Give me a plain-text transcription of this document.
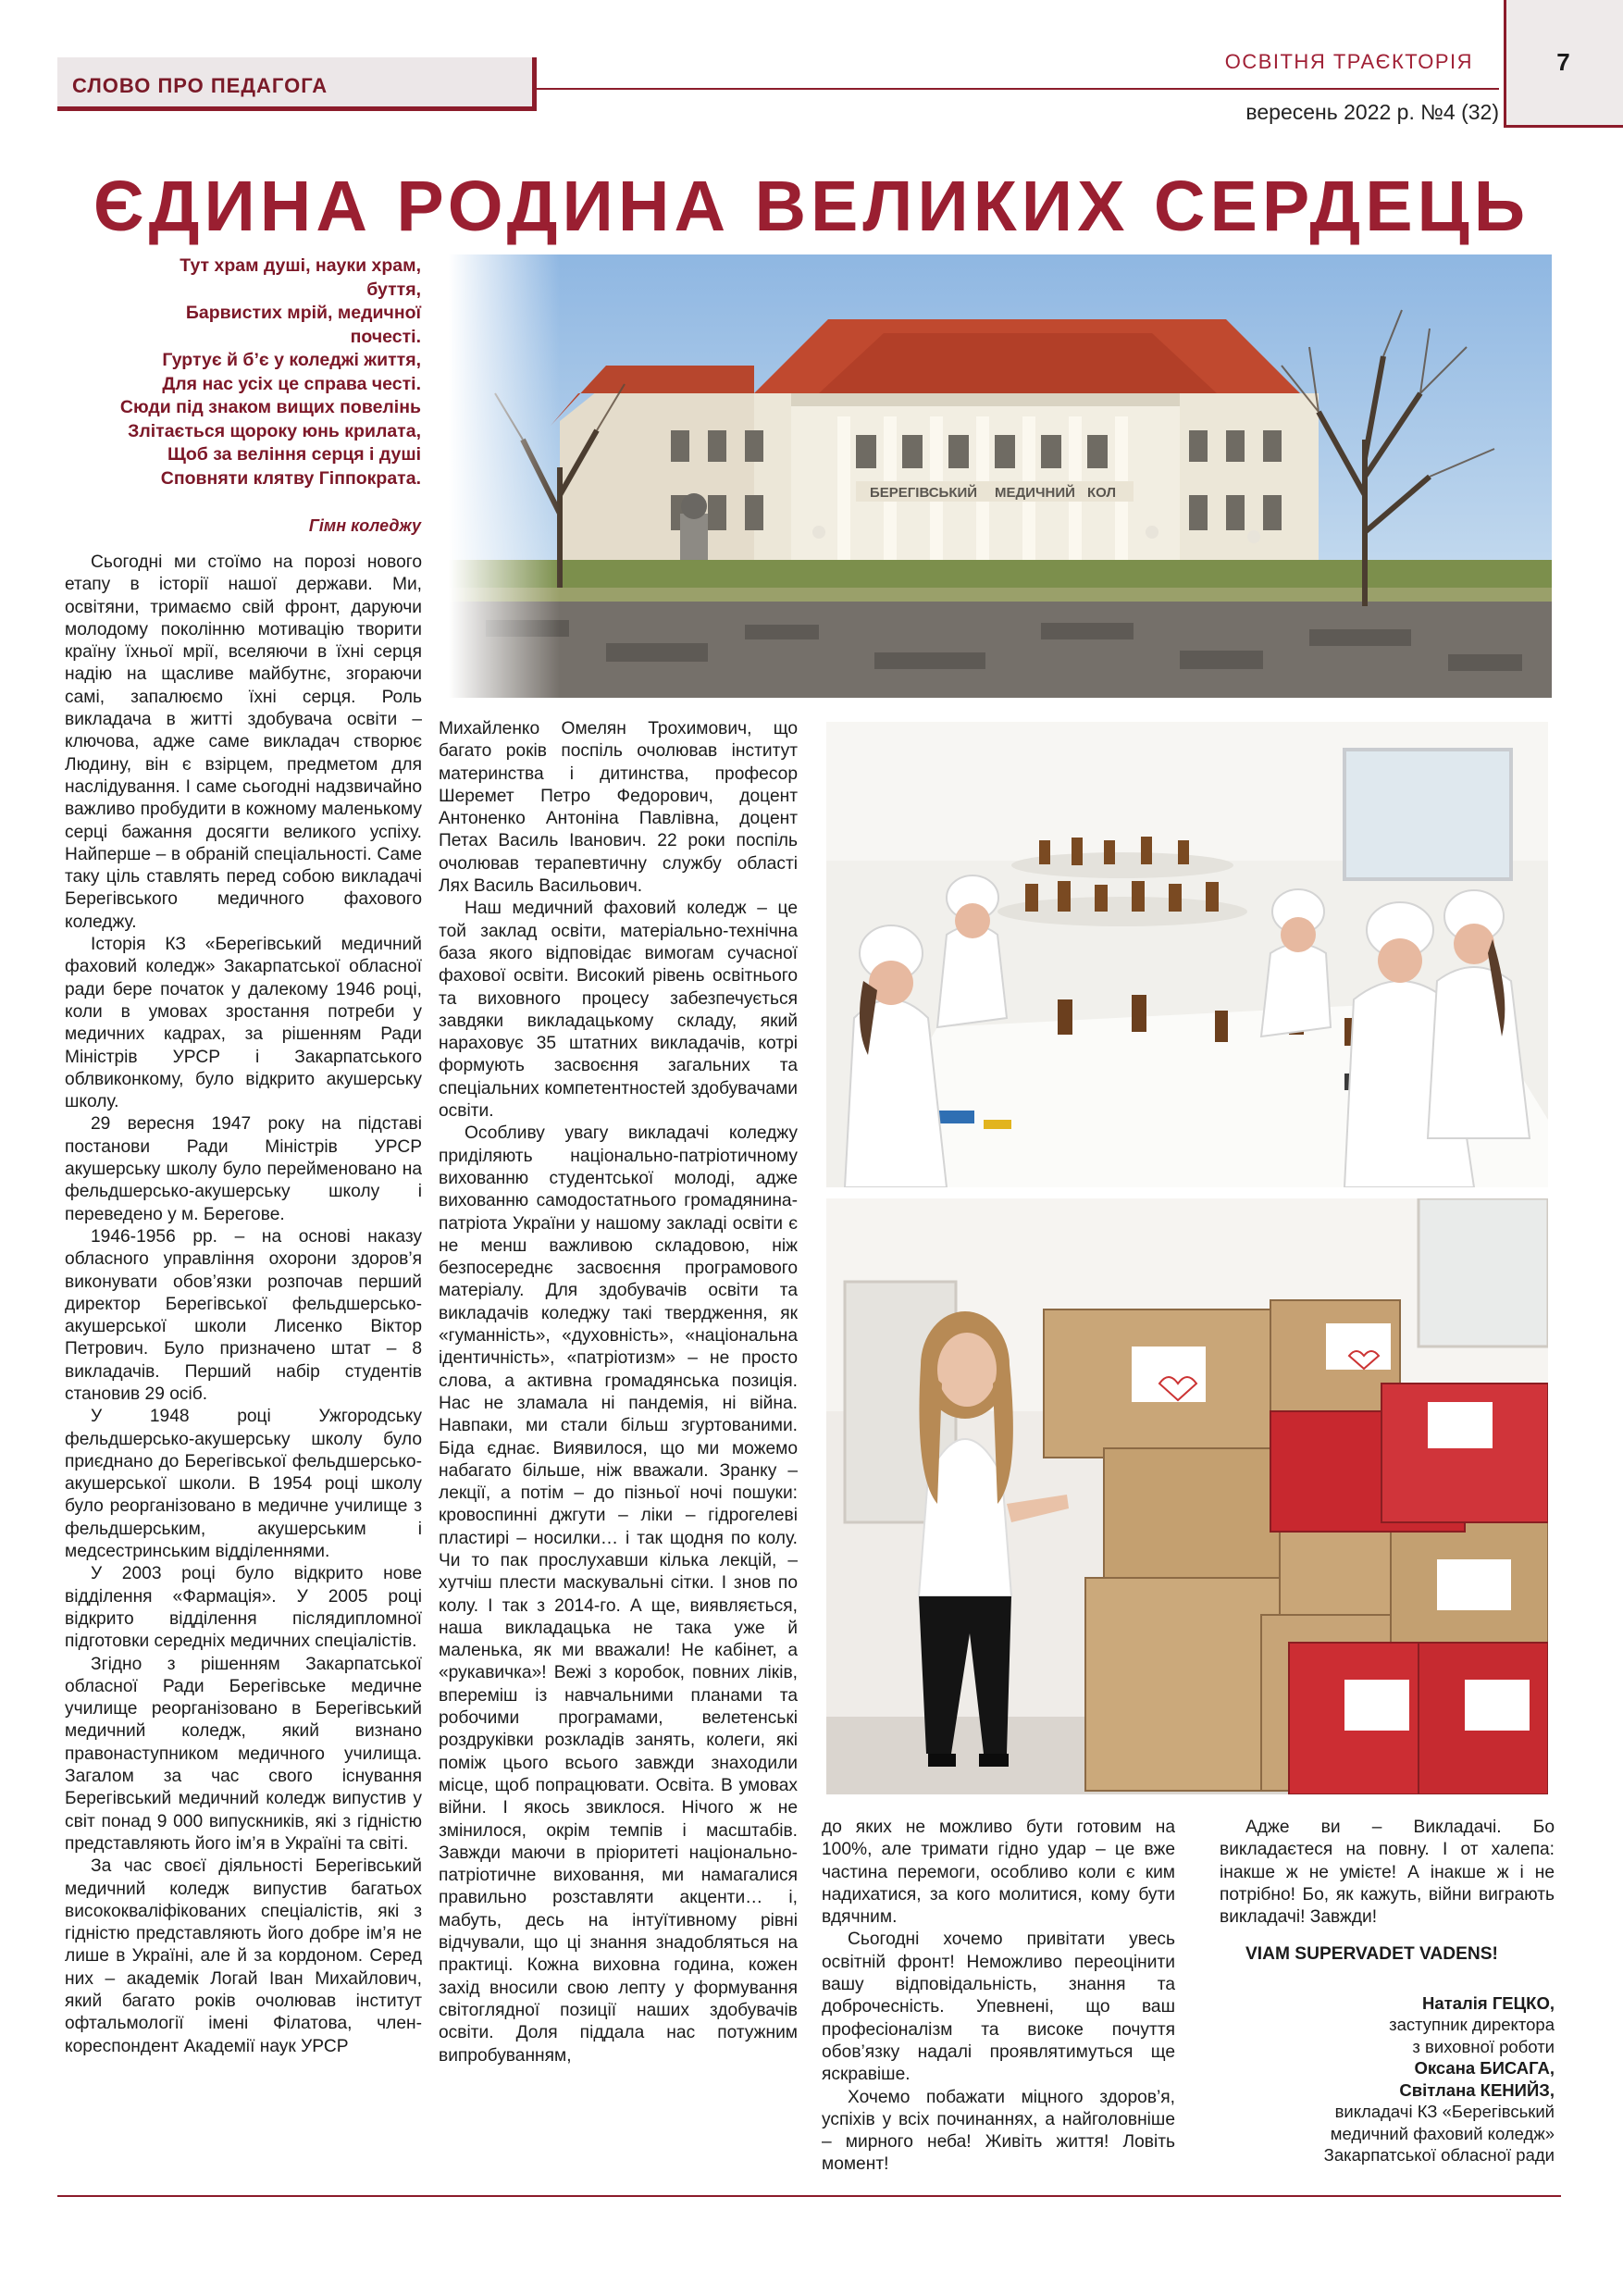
СЛОВО ПРО ПЕДАГОГА
ОСВІТНЯ ТРАЄКТОРІЯ
вересень 2022 р. №4 (32)
7
ЄДИНА РОДИНА ВЕЛИКИХ СЕРДЕЦЬ
Тут храм душі, науки храм,
буття,
Барвистих мрій, медичної
почесті.
Гуртує й б’є у коледжі життя,
Для нас усіх це справа честі.
Сюди під знаком вищих повелінь
Злітається щороку юнь крилата,
Щоб за веління серця і душі
Сповняти клятву Гіппократа.
Гімн коледжу
БЕРЕГІВСЬКИЙ МЕДИЧНИЙ КОЛ

Сьогодні ми стоїмо на порозі нового етапу в історії нашої держави. Ми, освітяни, тримаємо свій фронт, даруючи молодому поколінню мотивацію творити країну їхньої мрії, вселяючи в їхні серця надію на щасливе майбутнє, згораючи самі, запалюємо їхні серця. Роль викладача в житті здобувача освіти – ключова, адже саме викладач створює Людину, він є взірцем, предметом для наслідування. І саме сьогодні надзвичайно важливо пробудити в кожному маленькому серці бажання досягти великого успіху. Найперше – в обраній спеціальності. Саме таку ціль ставлять перед собою викладачі Берегівського медичного фахового коледжу.

Історія КЗ «Берегівський медичний фаховий коледж» Закарпатської обласної ради бере початок у далекому 1946 році, коли в умовах зростання потреби у медичних кадрах, за рішенням Ради Міністрів УРСР і Закарпатського облвиконкому, було відкрито акушерську школу.

29 вересня 1947 року на підставі постанови Ради Міністрів УРСР акушерську школу було перейменовано на фельдшерсько-акушерську школу і переведено у м. Берегове.

1946-1956 рр. – на основі наказу обласного управління охорони здоров’я виконувати обов’язки розпочав перший директор Берегівської фельдшерсько-акушерської школи Лисенко Віктор Петрович. Було призначено штат – 8 викладачів. Перший набір студентів становив 29 осіб.

У 1948 році Ужгородську фельдшерсько-акушерську школу було приєднано до Берегівської фельдшерсько-акушерської школи. В 1954 році школу було реорганізовано в медичне училище з фельдшерським, акушерським і медсестринським відділеннями.

У 2003 році було відкрито нове відділення «Фармація». У 2005 році відкрито відділення післядипломної підготовки середніх медичних спеціалістів.

Згідно з рішенням Закарпатської обласної Ради Берегівське медичне училище реорганізовано в Берегівський медичний коледж, який визнано правонаступником медичного училища. Загалом за час свого існування Берегівський медичний коледж випустив у світ понад 9 000 випускників, які з гідністю представляють його ім’я в Україні та світі.

За час своєї діяльності Берегівський медичний коледж випустив багатьох висококваліфікованих спеціалістів, які з гідністю представляють його добре ім’я не лише в Україні, але й за кордоном. Серед них – академік Логай Іван Михайлович, який багато років очолював інститут офтальмології імені Філатова, член-кореспондент Академії наук УРСР

Михайленко Омелян Трохимович, що багато років поспіль очолював інститут материнства і дитинства, професор Шеремет Петро Федорович, доцент Антоненко Антоніна Павлівна, доцент Петах Василь Іванович. 22 роки поспіль очолював терапевтичну службу області Лях Василь Васильович.

Наш медичний фаховий коледж – це той заклад освіти, матеріально-технічна база якого відповідає вимогам сучасної фахової освіти. Високий рівень освітнього та виховного процесу забезпечується завдяки викладацькому складу, який нараховує 35 штатних викладачів, котрі формують засвоєння загальних та спеціальних компетентностей здобувачами освіти.

Особливу увагу викладачі коледжу приділяють національно-патріотичному вихованню студентської молоді, адже вихованню самодостатнього громадянина-патріота України у нашому закладі освіти є не менш важливою складовою, ніж безпосереднє засвоєння програмового матеріалу. Для здобувачів освіти та викладачів коледжу такі твердження, як «гуманність», «духовність», «національна ідентичність», «патріотизм» – не просто слова, а активна громадянська позиція. Нас не зламала ні пандемія, ні війна. Навпаки, ми стали більш згуртованими. Біда єднає. Виявилося, що ми можемо набагато більше, ніж вважали. Зранку – лекції, а потім – до пізньої ночі пошуки: кровоспинні джгути – ліки – гідрогелеві пластирі – носилки… і так щодня по колу. Чи то пак прослухавши кілька лекцій, – хутчіш плести маскувальні сітки. І знов по колу. І так з 2014-го. А ще, виявляється, наша викладацька не така уже й маленька, як ми вважали! Не кабінет, а «рукавичка»! Вежі з коробок, повних ліків, впереміш із навчальними планами та робочими програмами, велетенські роздруківки розкладів занять, колеги, які поміж цього всього завжди знаходили місце, щоб попрацювати. Освіта. В умовах війни. І якось звиклося. Нічого ж не змінилося, окрім темпів і масштабів. Завжди маючи в пріоритеті національно-патріотичне виховання, ми намагалися правильно розставляти акценти… і, мабуть, десь на інтуїтивному рівні відчували, що ці знання знадобляться на практиці. Кожна виховна година, кожен захід вносили свою лепту у формування світоглядної позиції наших здобувачів освіти. Доля піддала нас потужним випробуванням,

до яких не можливо бути готовим на 100%, але тримати гідно удар – це вже частина перемоги, особливо коли є ким надихатися, за кого молитися, кому бути вдячним.

Сьогодні хочемо привітати увесь освітній фронт! Неможливо переоцінити вашу відповідальність, знання та доброчесність. Упевнені, що ваш професіоналізм та високе почуття обов’язку надалі проявлятимуться ще яскравіше.

Хочемо побажати міцного здоров’я, успіхів у всіх починаннях, а найголовніше – мирного неба! Живіть життя! Ловіть момент!

Адже ви – Викладачі. Бо викладаєтеся на повну. І от халепа: інакше ж не умієте! А інакше ж і не потрібно! Бо, як кажуть, війни виграють викладачі! Завжди!

VIAM SUPERVADET VADENS!

Наталія ГЕЦКО,
заступник директора
з виховної роботи
Оксана БИСАГА,
Світлана КЕНИЙЗ,
викладачі КЗ «Берегівський
медичний фаховий коледж»
Закарпатської обласної ради
